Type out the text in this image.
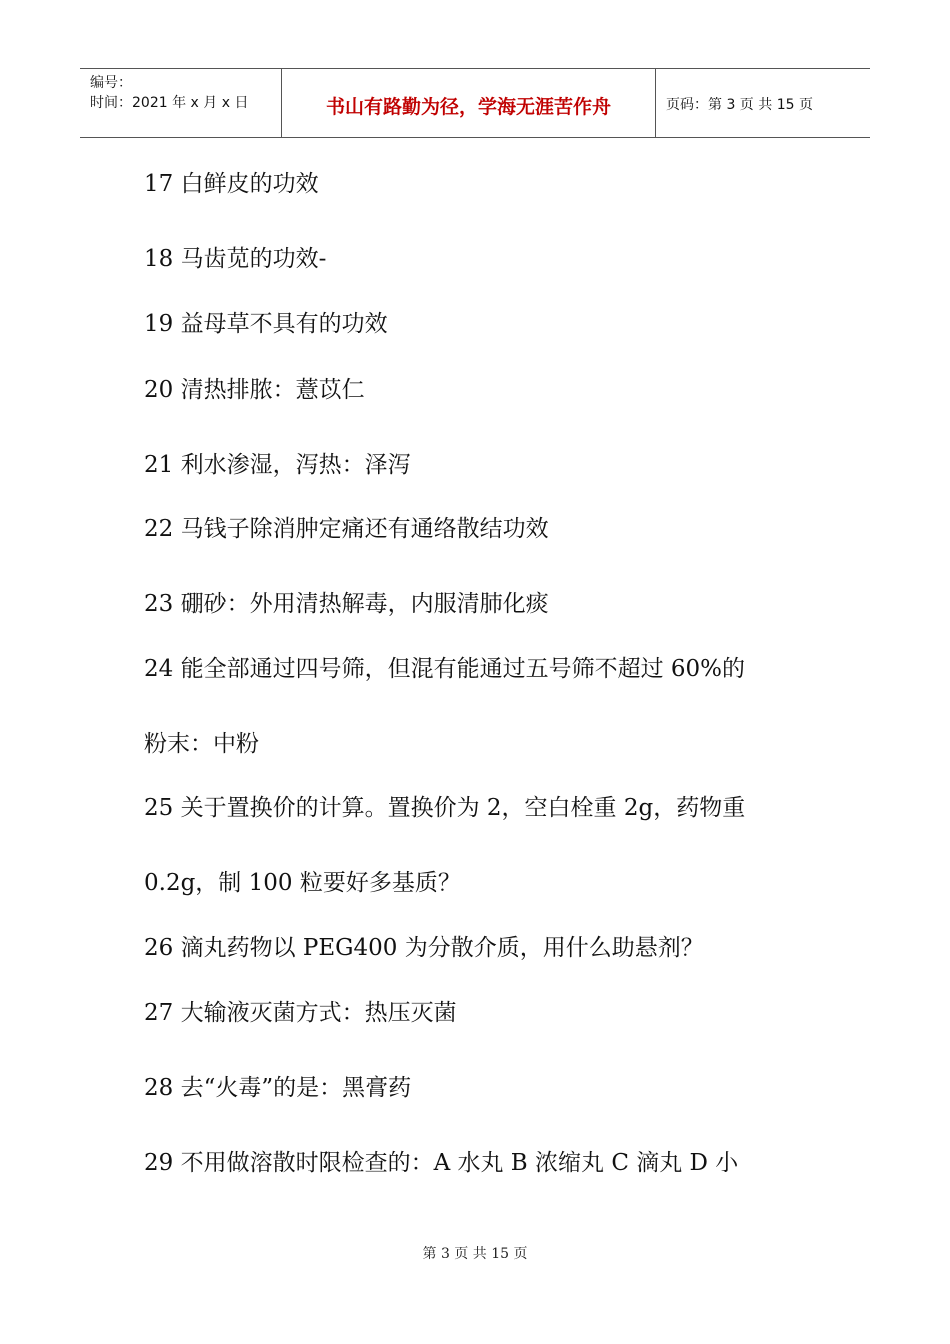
编号：
时间：2021 年 x 月 x 日	书山有路勤为径，学海无涯苦作舟	页码：第 3 页 共 15 页
17 白鲜皮的功效
18 马齿苋的功效-
19 益母草不具有的功效
20 清热排脓：薏苡仁
21 利水渗湿，泻热：泽泻
22 马钱子除消肿定痛还有通络散结功效
23 硼砂：外用清热解毒，内服清肺化痰
24 能全部通过四号筛，但混有能通过五号筛不超过 60%的
粉末：中粉
25 关于置换价的计算。置换价为 2，空白栓重 2g，药物重
0.2g，制 100 粒要好多基质？
26 滴丸药物以 PEG400 为分散介质，用什么助悬剂？
27 大输液灭菌方式：热压灭菌
28 去“火毒”的是：黑膏药
29 不用做溶散时限检查的：A 水丸 B 浓缩丸 C 滴丸 D 小
第 3 页 共 15 页
